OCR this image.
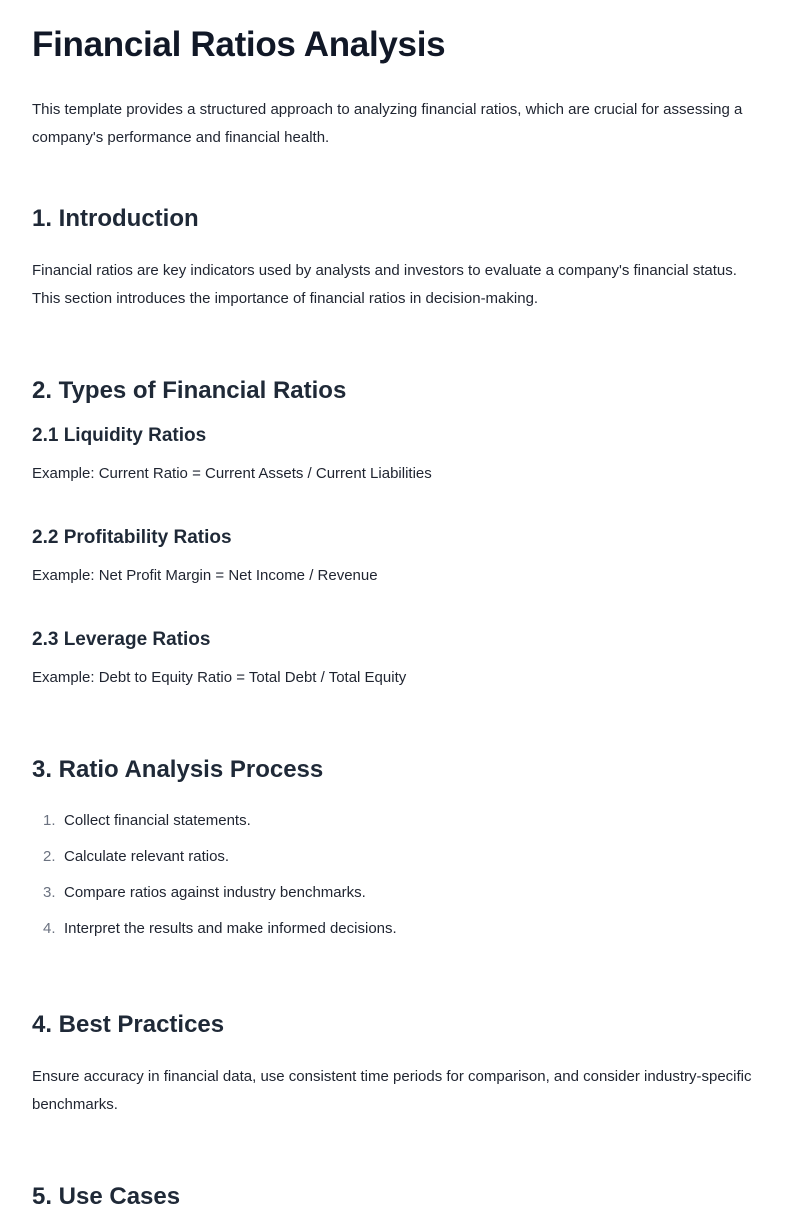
Financial Ratios Analysis

This template provides a structured approach to analyzing financial ratios, which are crucial for assessing a company's performance and financial health.

1. Introduction

Financial ratios are key indicators used by analysts and investors to evaluate a company's financial status. This section introduces the importance of financial ratios in decision-making.

2. Types of Financial Ratios
2.1 Liquidity Ratios

Example: Current Ratio = Current Assets / Current Liabilities

2.2 Profitability Ratios

Example: Net Profit Margin = Net Income / Revenue

2.3 Leverage Ratios

Example: Debt to Equity Ratio = Total Debt / Total Equity

3. Ratio Analysis Process
1. Collect financial statements.
2. Calculate relevant ratios.
3. Compare ratios against industry benchmarks.
4. Interpret the results and make informed decisions.
4. Best Practices

Ensure accuracy in financial data, use consistent time periods for comparison, and consider industry-specific benchmarks.

5. Use Cases
